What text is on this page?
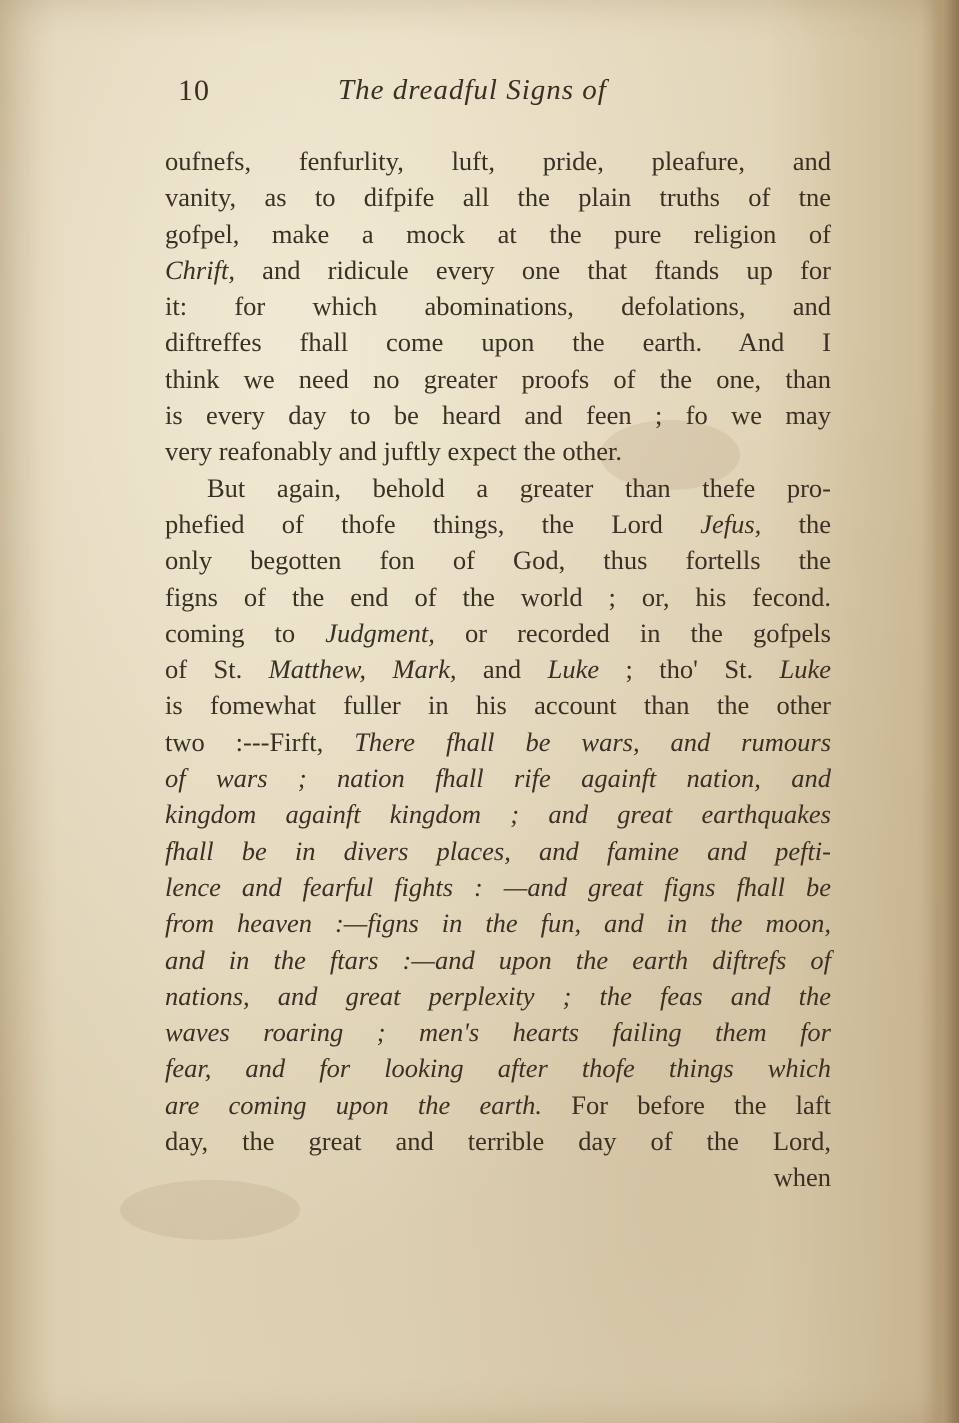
10	The dreadful Signs of
oufnefs, fenfurlity, luft, pride, pleafure, and
vanity, as to difpife all the plain truths of tne
gofpel, make a mock at the pure religion of
Chrift, and ridicule every one that ftands up for
it: for which abominations, defolations, and
diftreffes fhall come upon the earth. And I
think we need no greater proofs of the one, than
is every day to be heard and feen ; fo we may
very reafonably and juftly expect the other.
But again, behold a greater than thefe pro-
phefied of thofe things, the Lord Jefus, the
only begotten fon of God, thus fortells the
figns of the end of the world ; or, his fecond.
coming to Judgment, or recorded in the gofpels
of St. Matthew, Mark, and Luke ; tho' St. Luke
is fomewhat fuller in his account than the other
two :---Firft, There fhall be wars, and rumours
of wars ; nation fhall rife againft nation, and
kingdom againft kingdom ; and great earthquakes
fhall be in divers places, and famine and pefti-
lence and fearful fights : —and great figns fhall be
from heaven :—figns in the fun, and in the moon,
and in the ftars :—and upon the earth diftrefs of
nations, and great perplexity ; the feas and the
waves roaring ; men's hearts failing them for
fear, and for looking after thofe things which
are coming upon the earth. For before the laft
day, the great and terrible day of the Lord,
when
